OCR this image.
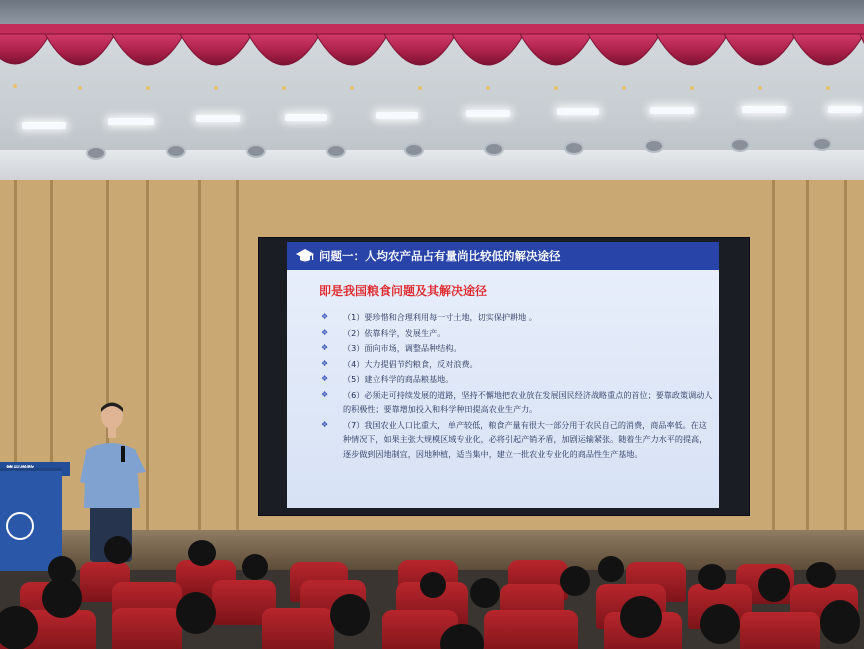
问题一：人均农产品占有量尚比较低的解决途径
即是我国粮食问题及其解决途径
❖ （1）要珍惜和合理利用每一寸土地，切实保护耕地 。
❖ （2）依靠科学，发展生产。
❖ （3）面向市场，调整品种结构。
❖ （4）大力提倡节约粮食，反对浪费。
❖ （5）建立科学的商品粮基地。
❖ （6）必须走可持续发展的道路，坚持不懈地把农业放在发展国民经济战略重点的首位；要靠政策调动人的积极性；要靠增加投入和科学种田提高农业生产力。
❖ （7）我国农业人口比重大， 单产较低，粮食产量有很大一部分用于农民自己的消费，商品率低。在这种情况下，如果主张大规模区域专业化，必将引起产销矛盾，加剧运输紧张。随着生产力水平的提高，逐步做到因地制宜，因地种植，适当集中，建立一批农业专业化的商品性生产基地。
